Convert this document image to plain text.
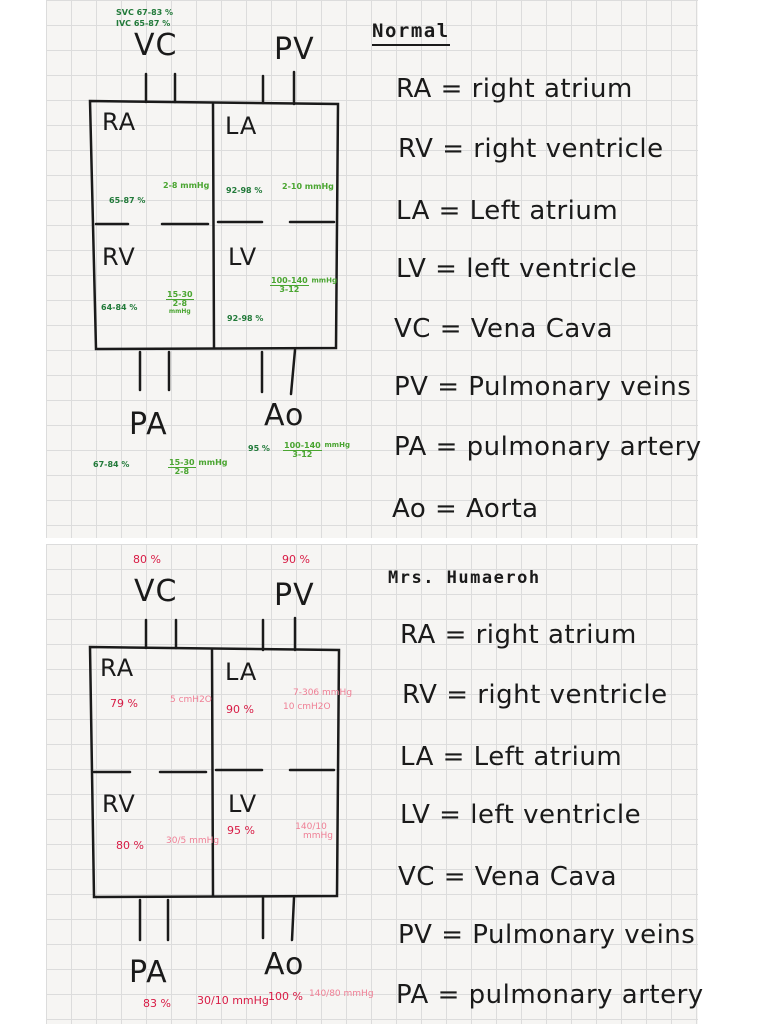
SVC 67-83 %
IVC 65-87 %
VC	PV
Normal
RA	LA
RV	LV
2-8 mmHg
65-87 %
92-98 % 2-10 mmHg
64-84 %
15-30
2-8
mmHg
$\frac{100-140}{3-12}$ mmHg
92-98 %
PA	Ao
95 % $\frac{100-140}{3-12}$ mmHg
67-84 %	$\frac{15-30}{2-8}$ mmHg
RA = right atrium
RV = right ventricle
LA = Left atrium
LV = left ventricle
VC = Vena Cava
PV = Pulmonary veins
PA = pulmonary artery
Ao = Aorta
80 %	90 %
VC	PV	Mrs. Humaeroh
RA	LA
RV	LV
79 %	5 cmH2O
90 %
7-306 mmHg
10 cmH2O
80 % 30/5 mmHg
95 %	140/10
mmHg
PA	Ao
83 % 30/10 mmHg 100 % 140/80 mmHg
RA = right atrium
RV = right ventricle
LA = Left atrium
LV = left ventricle
VC = Vena Cava
PV = Pulmonary veins
PA = pulmonary artery
